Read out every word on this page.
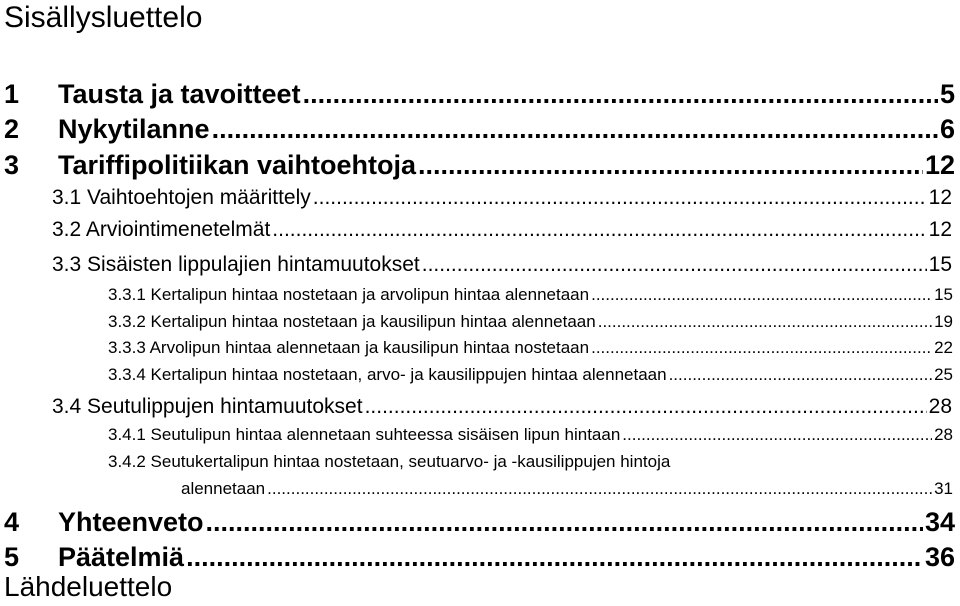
Sisällysluettelo
1	Tausta ja tavoitteet .....	5
2	Nykytilanne .....	6
3	Tariffipolitiikan vaihtoehtoja .....	12
3.1 Vaihtoehtojen määrittely .....	12
3.2 Arviointimenetelmät .....	12
3.3 Sisäisten lippulajien hintamuutokset .....	15
3.3.1 Kertalipun hintaa nostetaan ja arvolipun hintaa alennetaan .....	15
3.3.2 Kertalipun hintaa nostetaan ja kausilipun hintaa alennetaan .....	19
3.3.3 Arvolipun hintaa alennetaan ja kausilipun hintaa nostetaan .....	22
3.3.4 Kertalipun hintaa nostetaan, arvo- ja kausilippujen hintaa alennetaan .....	25
3.4 Seutulippujen hintamuutokset .....	28
3.4.1 Seutulipun hintaa alennetaan suhteessa sisäisen lipun hintaan .....	28
3.4.2 Seutukertalipun hintaa nostetaan, seutuarvo- ja -kausilippujen hintoja
alennetaan .....	31
4	Yhteenveto .....	34
5	Päätelmiä .....	36
Lähdeluettelo
